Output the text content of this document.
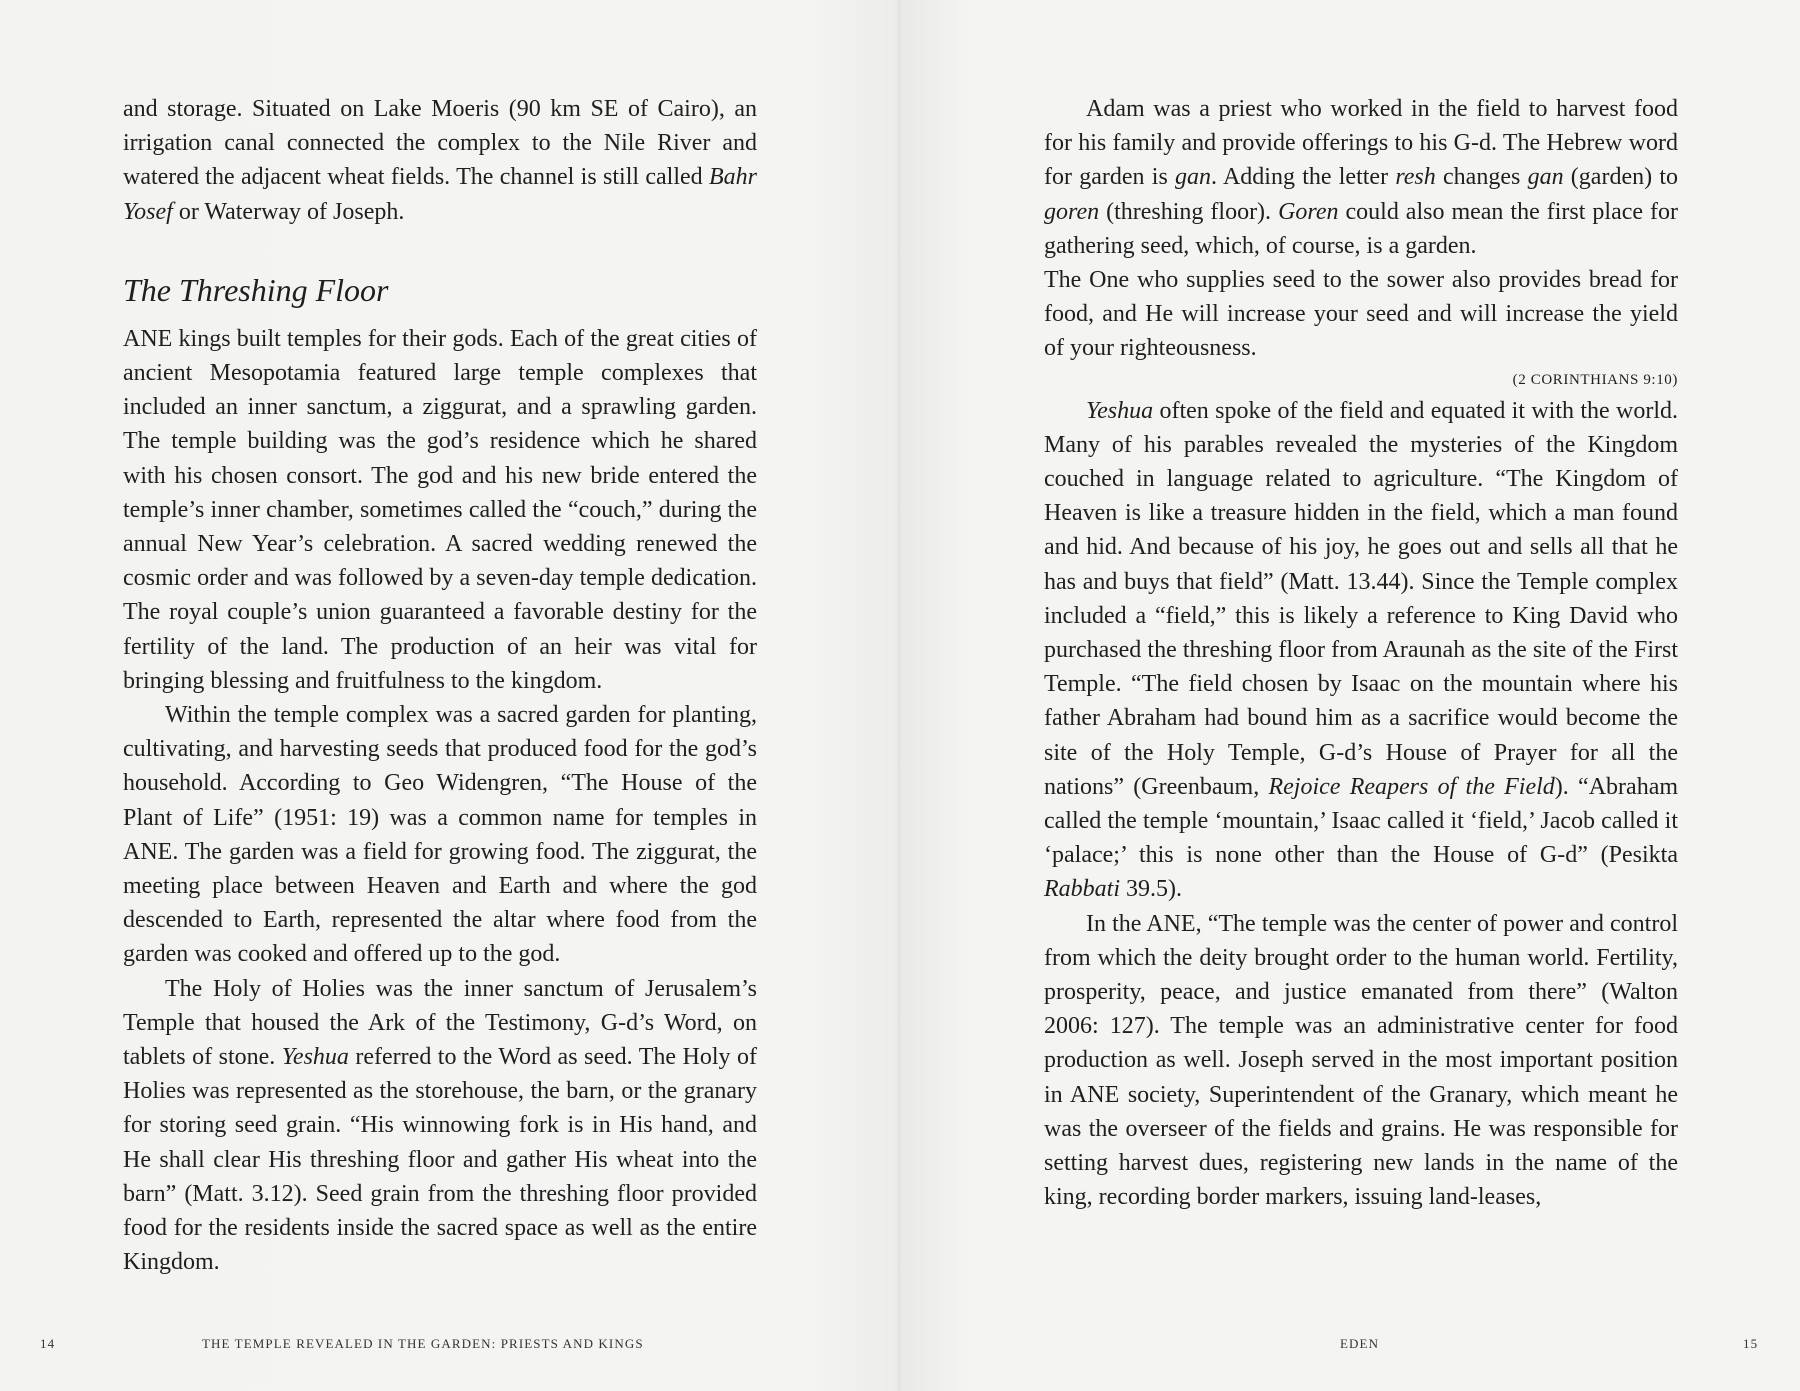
and storage. Situated on Lake Moeris (90 km SE of Cairo), an irrigation canal connected the complex to the Nile River and watered the adjacent wheat fields. The channel is still called Bahr Yosef or Waterway of Joseph.

The Threshing Floor

ANE kings built temples for their gods. Each of the great cities of ancient Mesopotamia featured large temple complexes that included an inner sanctum, a ziggurat, and a sprawling garden. The temple building was the god’s residence which he shared with his chosen consort. The god and his new bride entered the temple’s inner chamber, sometimes called the “couch,” during the annual New Year’s celebration. A sacred wedding renewed the cosmic order and was followed by a seven-day temple dedication. The royal couple’s union guaranteed a favorable destiny for the fertility of the land. The production of an heir was vital for bringing blessing and fruitfulness to the kingdom.

Within the temple complex was a sacred garden for planting, cultivating, and harvesting seeds that produced food for the god’s household. According to Geo Widengren, “The House of the Plant of Life” (1951: 19) was a common name for temples in ANE. The garden was a field for growing food. The ziggurat, the meeting place between Heaven and Earth and where the god descended to Earth, represented the altar where food from the garden was cooked and offered up to the god.

The Holy of Holies was the inner sanctum of Jerusalem’s Temple that housed the Ark of the Testimony, G-d’s Word, on tablets of stone. Yeshua referred to the Word as seed. The Holy of Holies was represented as the storehouse, the barn, or the granary for storing seed grain. “His winnowing fork is in His hand, and He shall clear His threshing floor and gather His wheat into the barn” (Matt. 3.12). Seed grain from the threshing floor provided food for the residents inside the sacred space as well as the entire Kingdom.

14	THE TEMPLE REVEALED IN THE GARDEN: PRIESTS AND KINGS

Adam was a priest who worked in the field to harvest food for his family and provide offerings to his G-d. The Hebrew word for garden is gan. Adding the letter resh changes gan (garden) to goren (threshing floor). Goren could also mean the first place for gathering seed, which, of course, is a garden.

The One who supplies seed to the sower also provides bread for food, and He will increase your seed and will increase the yield of your righteousness.

(2 CORINTHIANS 9:10)

Yeshua often spoke of the field and equated it with the world. Many of his parables revealed the mysteries of the Kingdom couched in language related to agriculture. “The Kingdom of Heaven is like a treasure hidden in the field, which a man found and hid. And because of his joy, he goes out and sells all that he has and buys that field” (Matt. 13.44). Since the Temple complex included a “field,” this is likely a reference to King David who purchased the threshing floor from Araunah as the site of the First Temple. “The field chosen by Isaac on the mountain where his father Abraham had bound him as a sacrifice would become the site of the Holy Temple, G-d’s House of Prayer for all the nations” (Greenbaum, Rejoice Reapers of the Field). “Abraham called the temple ‘mountain,’ Isaac called it ‘field,’ Jacob called it ‘palace;’ this is none other than the House of G-d” (Pesikta Rabbati 39.5).

In the ANE, “The temple was the center of power and control from which the deity brought order to the human world. Fertility, prosperity, peace, and justice emanated from there” (Walton 2006: 127). The temple was an administrative center for food production as well. Joseph served in the most important position in ANE society, Superintendent of the Granary, which meant he was the overseer of the fields and grains. He was responsible for setting harvest dues, registering new lands in the name of the king, recording border markers, issuing land-leases,

EDEN	15
